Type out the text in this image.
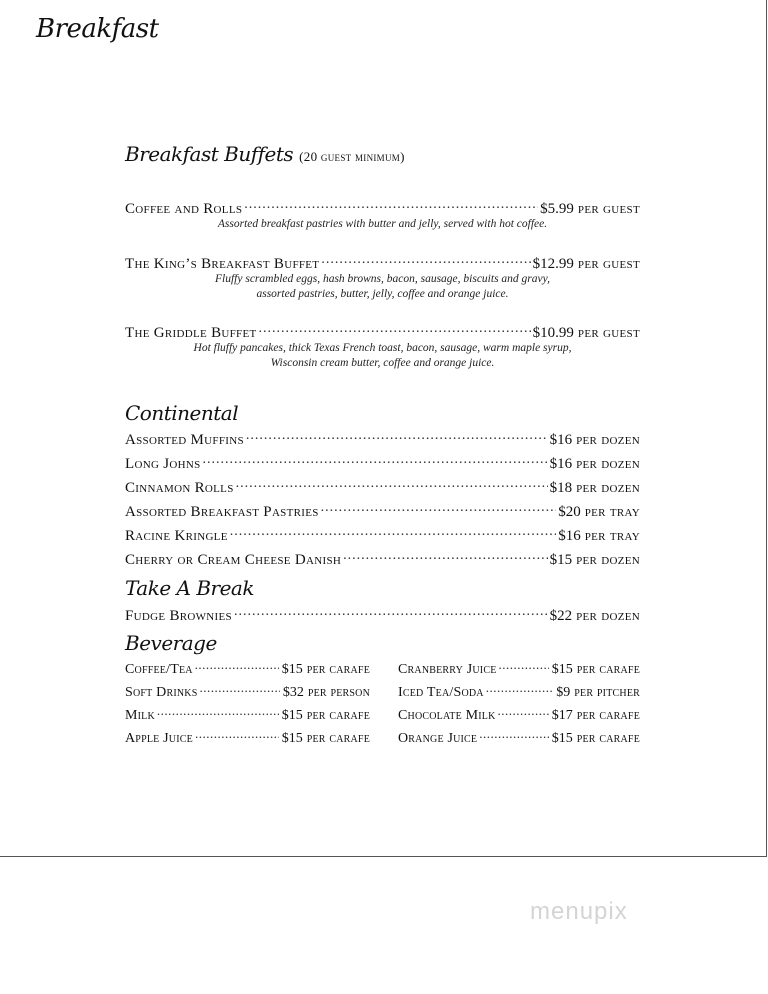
Breakfast
Breakfast Buffets (20 guest minimum)
Coffee and Rolls .....	$5.99 per guest
Assorted breakfast pastries with butter and jelly, served with hot coffee.
The King’s Breakfast Buffet .....	$12.99 per guest
Fluffy scrambled eggs, hash browns, bacon, sausage, biscuits and gravy,
assorted pastries, butter, jelly, coffee and orange juice.
The Griddle Buffet .....	$10.99 per guest
Hot fluffy pancakes, thick Texas French toast, bacon, sausage, warm maple syrup,
Wisconsin cream butter, coffee and orange juice.
Continental
Assorted Muffins .....	$16 per dozen
Long Johns .....	$16 per dozen
Cinnamon Rolls .....	$18 per dozen
Assorted Breakfast Pastries .....	$20 per tray
Racine Kringle .....	$16 per tray
Cherry or Cream Cheese Danish .....	$15 per dozen
Take A Break
Fudge Brownies .....	$22 per dozen
Beverage
Coffee/Tea .....	$15 per carafe
Soft Drinks .....	$32 per person
Milk .....	$15 per carafe
Apple Juice .....	$15 per carafe
Cranberry Juice .....	$15 per carafe
Iced Tea/Soda .....	$9 per pitcher
Chocolate Milk .....	$17 per carafe
Orange Juice .....	$15 per carafe
menupix
